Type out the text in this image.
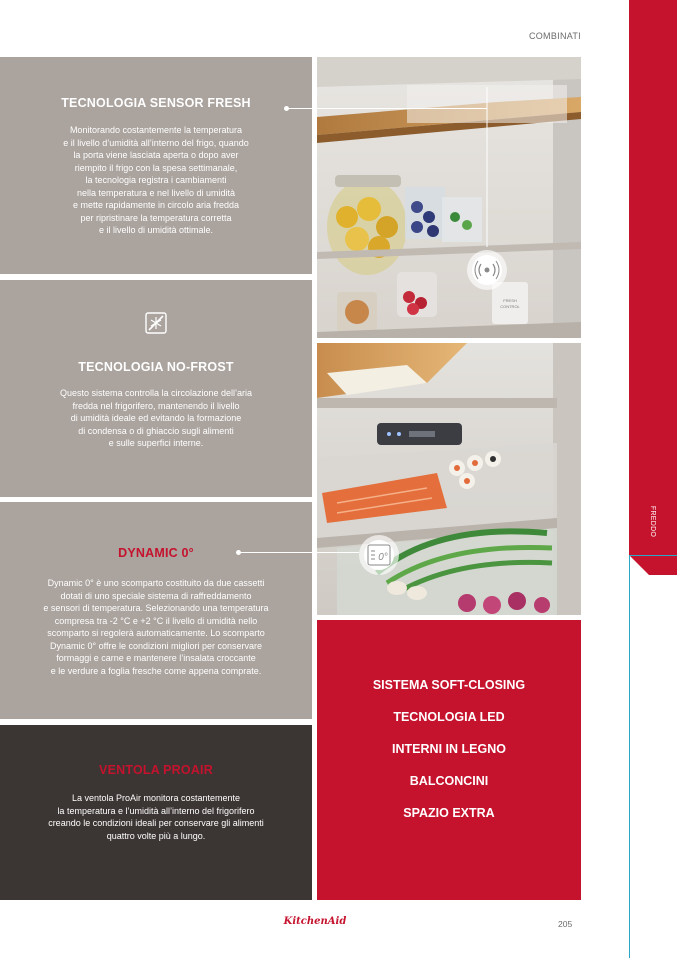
COMBINATI
FREDDO
TECNOLOGIA SENSOR FRESH

Monitorando costantemente la temperatura
e il livello d’umidità all’interno del frigo, quando
la porta viene lasciata aperta o dopo aver
riempito il frigo con la spesa settimanale,
la tecnologia registra i cambiamenti
nella temperatura e nel livello di umidità
e mette rapidamente in circolo aria fredda
per ripristinare la temperatura corretta
e il livello di umidità ottimale.

TECNOLOGIA NO-FROST

Questo sistema controlla la circolazione dell’aria
fredda nel frigorifero, mantenendo il livello
di umidità ideale ed evitando la formazione
di condensa o di ghiaccio sugli alimenti
e sulle superfici interne.

DYNAMIC 0°

Dynamic 0° è uno scomparto costituito da due cassetti
dotati di uno speciale sistema di raffreddamento
e sensori di temperatura. Selezionando una temperatura
compresa tra -2 °C e +2 °C il livello di umidità nello
scomparto si regolerà automaticamente. Lo scomparto
Dynamic 0° offre le condizioni migliori per conservare
formaggi e carne e mantenere l’insalata croccante
e le verdure a foglia fresche come appena comprate.

VENTOLA PROAIR

La ventola ProAir monitora costantemente
la temperatura e l’umidità all’interno del frigorifero
creando le condizioni ideali per conservare gli alimenti
quattro volte più a lungo.

FRESH
CONTROL
0°
SISTEMA SOFT-CLOSING
TECNOLOGIA LED
INTERNI IN LEGNO
BALCONCINI
SPAZIO EXTRA
KitchenAid	205
